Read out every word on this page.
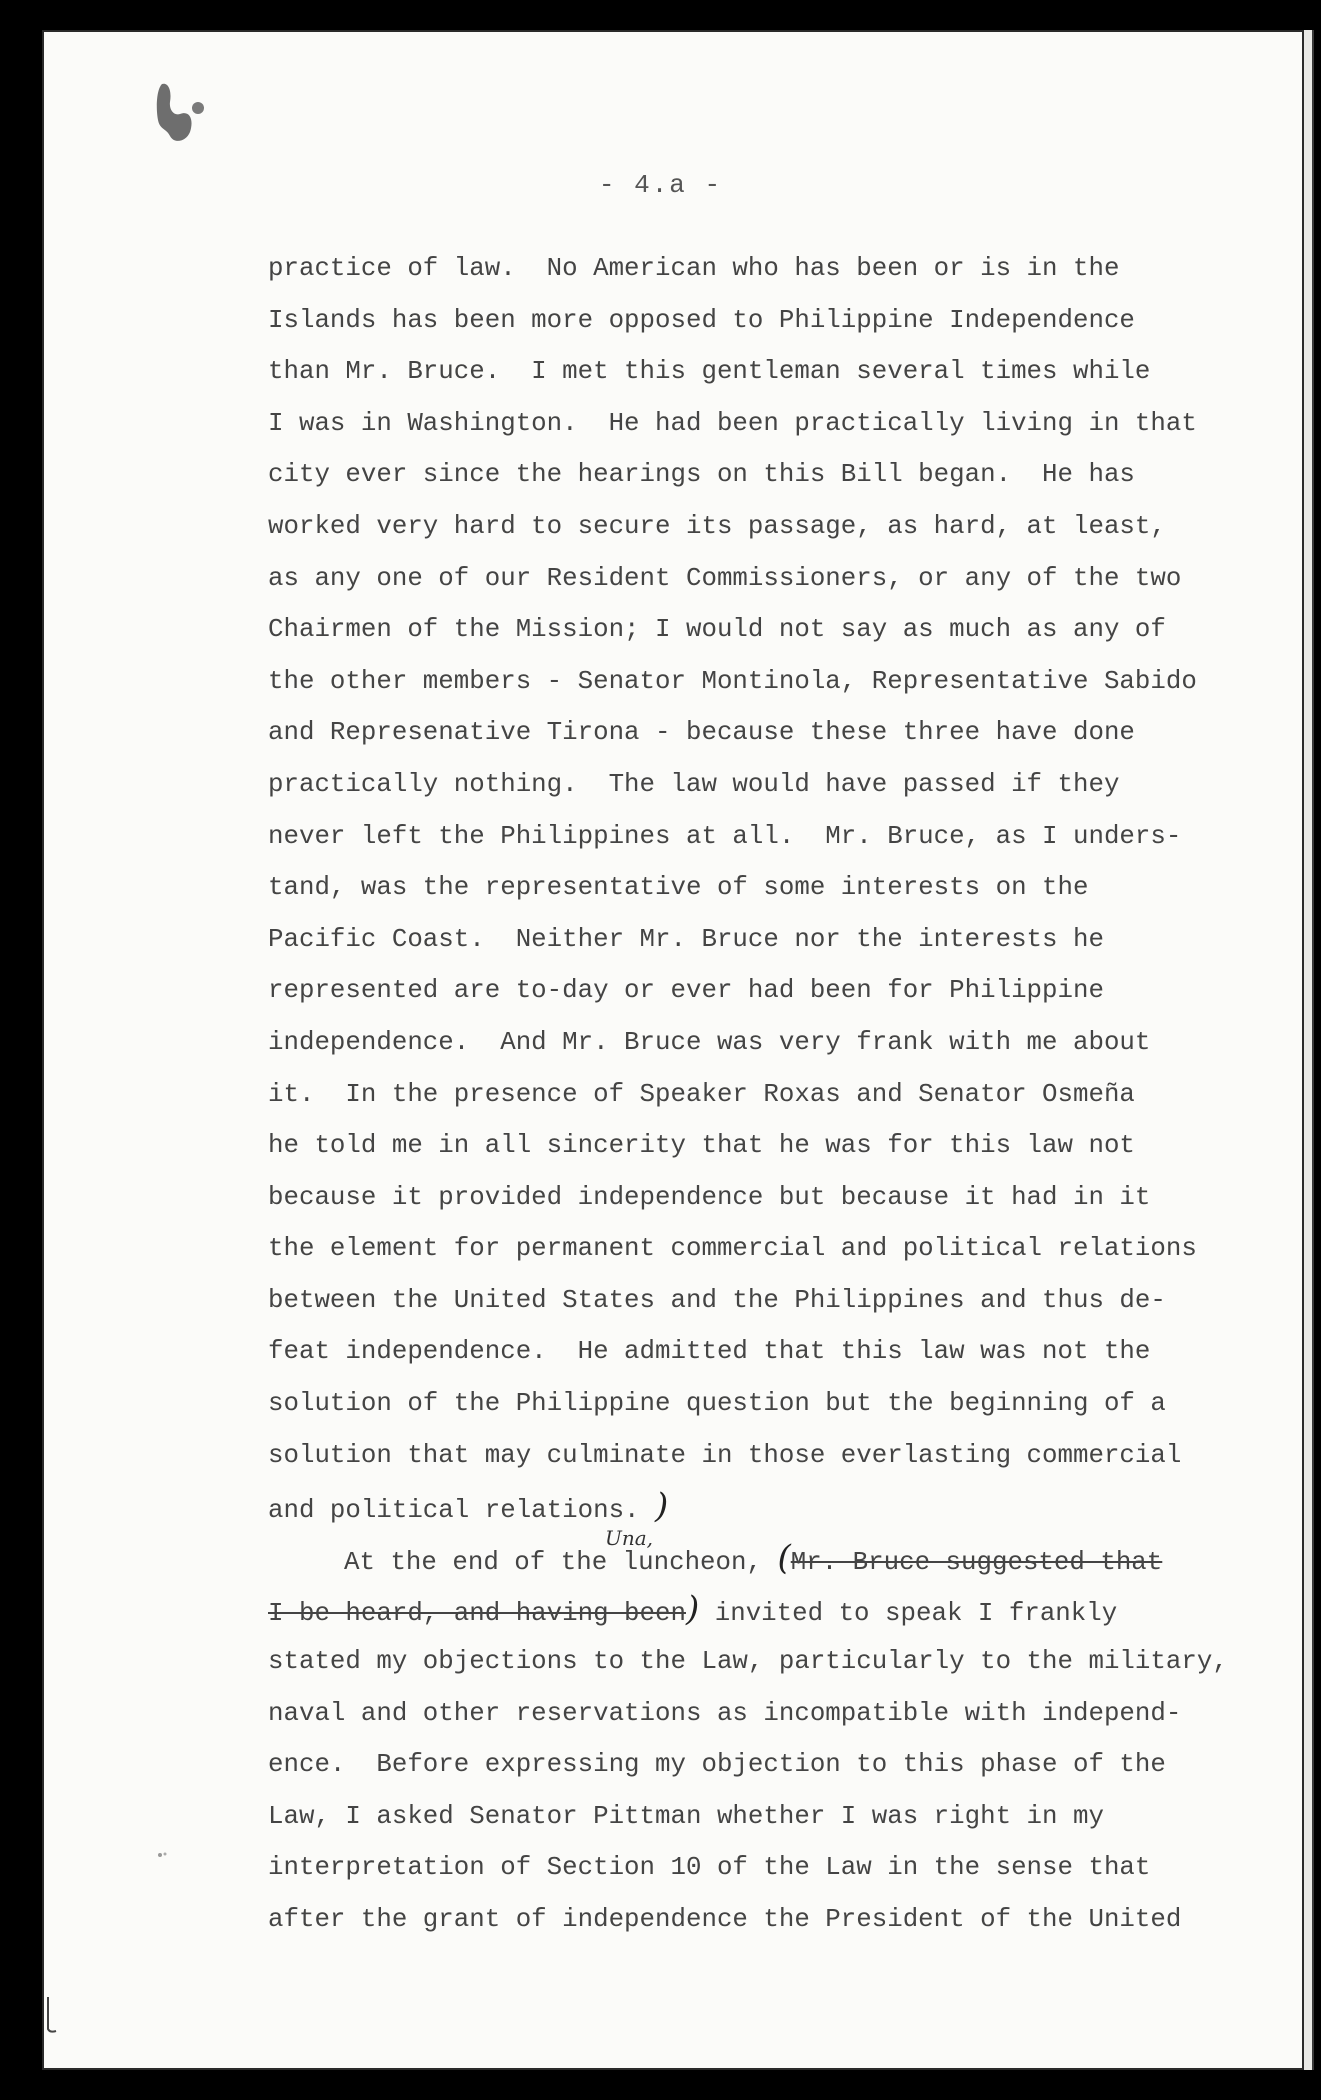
- 4.a -
practice of law.  No American who has been or is in the
Islands has been more opposed to Philippine Independence
than Mr. Bruce.  I met this gentleman several times while
I was in Washington.  He had been practically living in that
city ever since the hearings on this Bill began.  He has
worked very hard to secure its passage, as hard, at least,
as any one of our Resident Commissioners, or any of the two
Chairmen of the Mission; I would not say as much as any of
the other members - Senator Montinola, Representative Sabido
and Represenative Tirona - because these three have done
practically nothing.  The law would have passed if they
never left the Philippines at all.  Mr. Bruce, as I unders-
tand, was the representative of some interests on the
Pacific Coast.  Neither Mr. Bruce nor the interests he
represented are to-day or ever had been for Philippine
independence.  And Mr. Bruce was very frank with me about
it.  In the presence of Speaker Roxas and Senator Osmeña
he told me in all sincerity that he was for this law not
because it provided independence but because it had in it
the element for permanent commercial and political relations
between the United States and the Philippines and thus de-
feat independence.  He admitted that this law was not the
solution of the Philippine question but the beginning of a
solution that may culminate in those everlasting commercial
and political relations. )
At the end of the luncheon, (Mr. Bruce suggested that
I be heard, and having been) invited to speak I frankly
stated my objections to the Law, particularly to the military,
naval and other reservations as incompatible with independ-
ence.  Before expressing my objection to this phase of the
Law, I asked Senator Pittman whether I was right in my
interpretation of Section 10 of the Law in the sense that
after the grant of independence the President of the United
Una,
